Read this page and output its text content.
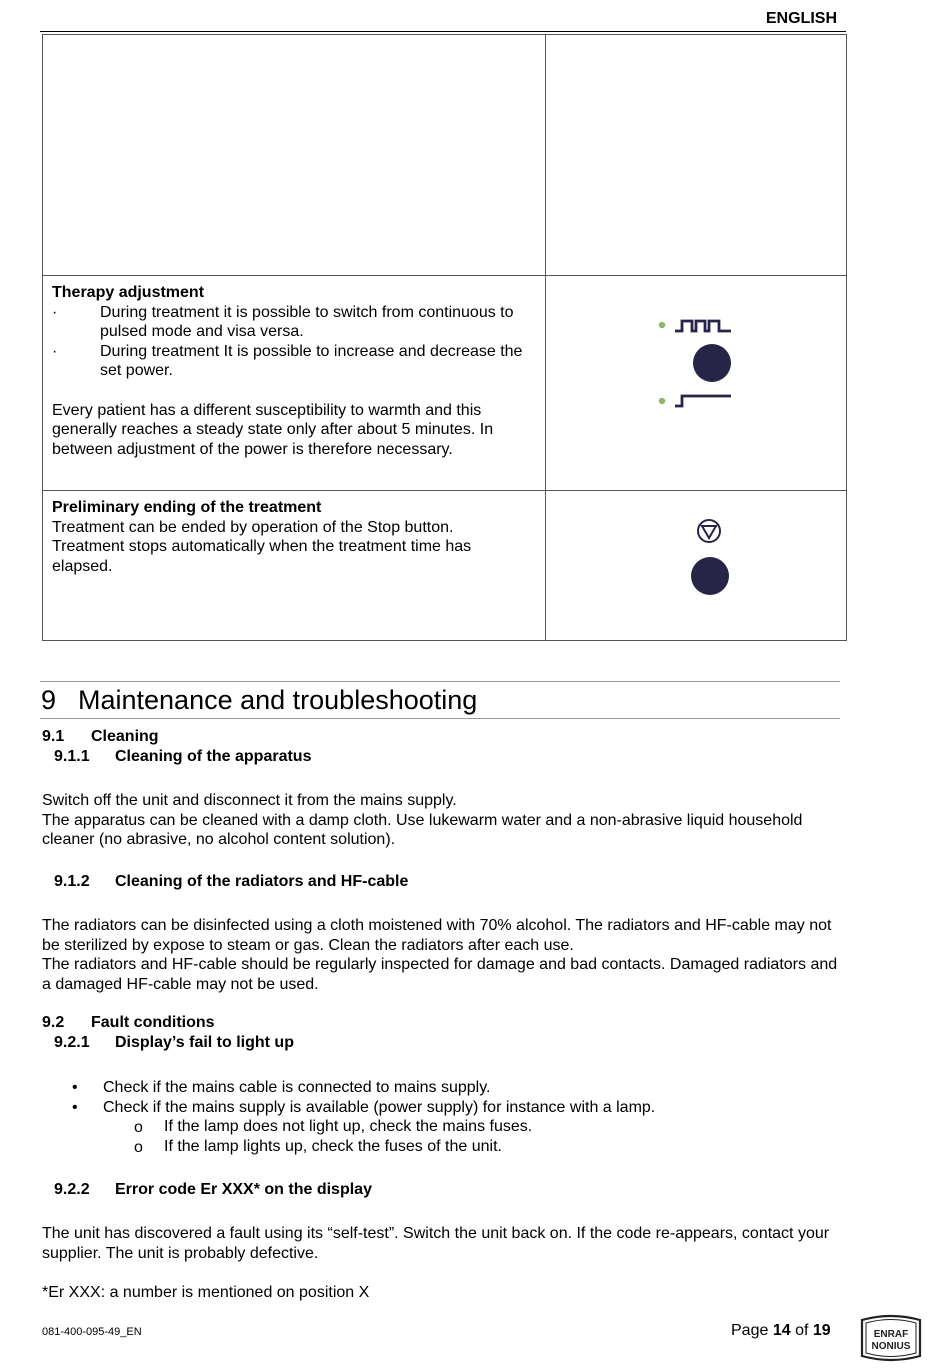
ENGLISH
Therapy adjustment
·	During treatment it is possible to switch from continuous to pulsed mode and visa versa.
·	During treatment It is possible to increase and decrease the set power.
Every patient has a different susceptibility to warmth and this generally reaches a steady state only after about 5 minutes. In between adjustment of the power is therefore necessary.
Preliminary ending of the treatment
Treatment can be ended by operation of the Stop button.
Treatment stops automatically when the treatment time has elapsed.
9 Maintenance and troubleshooting
9.1 Cleaning
9.1.1 Cleaning of the apparatus
Switch off the unit and disconnect it from the mains supply.
The apparatus can be cleaned with a damp cloth. Use lukewarm water and a non-abrasive liquid household cleaner (no abrasive, no alcohol content solution).
9.1.2 Cleaning of the radiators and HF-cable
The radiators can be disinfected using a cloth moistened with 70% alcohol. The radiators and HF-cable may not be sterilized by expose to steam or gas. Clean the radiators after each use.
The radiators and HF-cable should be regularly inspected for damage and bad contacts. Damaged radiators and a damaged HF-cable may not be used.
9.2 Fault conditions
9.2.1 Display’s fail to light up
• Check if the mains cable is connected to mains supply.
• Check if the mains supply is available (power supply) for instance with a lamp.
o If the lamp does not light up, check the mains fuses.
o If the lamp lights up, check the fuses of the unit.
9.2.2 Error code Er XXX* on the display
The unit has discovered a fault using its “self-test”. Switch the unit back on. If the code re-appears, contact your supplier. The unit is probably defective.
*Er XXX: a number is mentioned on position X
081-400-095-49_EN	Page 14 of 19	ENRAF
NONIUS
